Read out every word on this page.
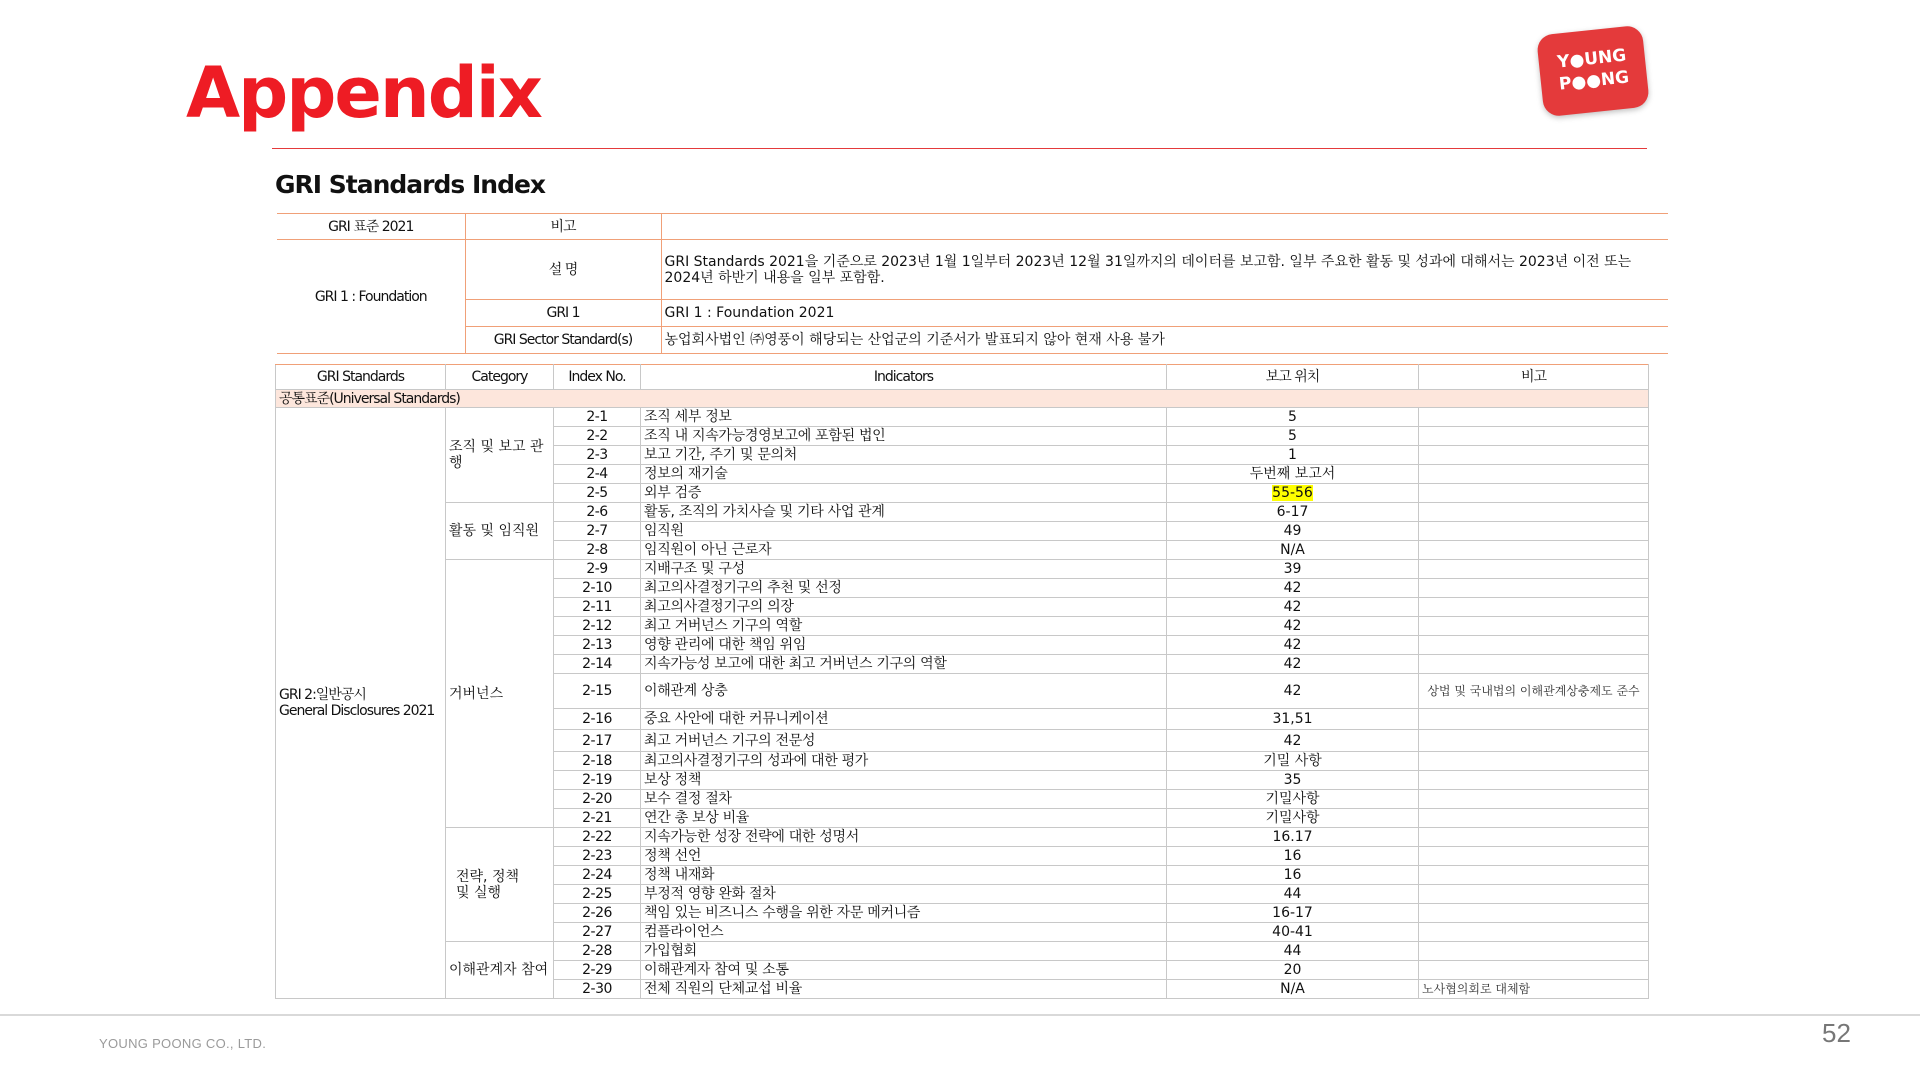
Appendix	Y●UNG
P●●NG
GRI Standards Index
GRI 표준 2021	비고	
GRI 1 : Foundation	설 명	GRI Standards 2021을 기준으로 2023년 1월 1일부터 2023년 12월 31일까지의 데이터를 보고함. 일부 주요한 활동 및 성과에 대해서는 2023년 이전 또는 2024년 하반기 내용을 일부 포함함.
	GRI 1	GRI 1 : Foundation 2021
	GRI Sector Standard(s)	농업회사법인 ㈜영풍이 해당되는 산업군의 기준서가 발표되지 않아 현재 사용 불가
GRI Standards	Category	Index No.	Indicators	보고 위치	비고
공통표준(Universal Standards)					
GRI 2:일반공시
General Disclosures 2021	조직 및 보고 관행	2-1	조직 세부 정보	5	
		2-2	조직 내 지속가능경영보고에 포함된 법인	5	
		2-3	보고 기간, 주기 및 문의처	1	
		2-4	정보의 재기술	두번째 보고서	
		2-5	외부 검증	55-56	
	활동 및 임직원	2-6	활동, 조직의 가치사슬 및 기타 사업 관계	6-17	
		2-7	임직원	49	
		2-8	임직원이 아닌 근로자	N/A	
	거버넌스	2-9	지배구조 및 구성	39	
		2-10	최고의사결정기구의 추천 및 선정	42	
		2-11	최고의사결정기구의 의장	42	
		2-12	최고 거버넌스 기구의 역할	42	
		2-13	영향 관리에 대한 책임 위임	42	
		2-14	지속가능성 보고에 대한 최고 거버넌스 기구의 역할	42	
		2-15	이해관계 상충	42	상법 및 국내법의 이해관계상충제도 준수
		2-16	중요 사안에 대한 커뮤니케이션	31,51	
		2-17	최고 거버넌스 기구의 전문성	42	
		2-18	최고의사결정기구의 성과에 대한 평가	기밀 사항	
		2-19	보상 정책	35	
		2-20	보수 결정 절차	기밀사항	
		2-21	연간 총 보상 비율	기밀사항	
	전략, 정책
및 실행	2-22	지속가능한 성장 전략에 대한 성명서	16.17	
		2-23	정책 선언	16	
		2-24	정책 내재화	16	
		2-25	부정적 영향 완화 절차	44	
		2-26	책임 있는 비즈니스 수행을 위한 자문 메커니즘	16-17	
		2-27	컴플라이언스	40-41	
	이해관계자 참여	2-28	가입협회	44	
		2-29	이해관계자 참여 및 소통	20	
		2-30	전체 직원의 단체교섭 비율	N/A	노사협의회로 대체함
YOUNG POONG CO., LTD.	52
